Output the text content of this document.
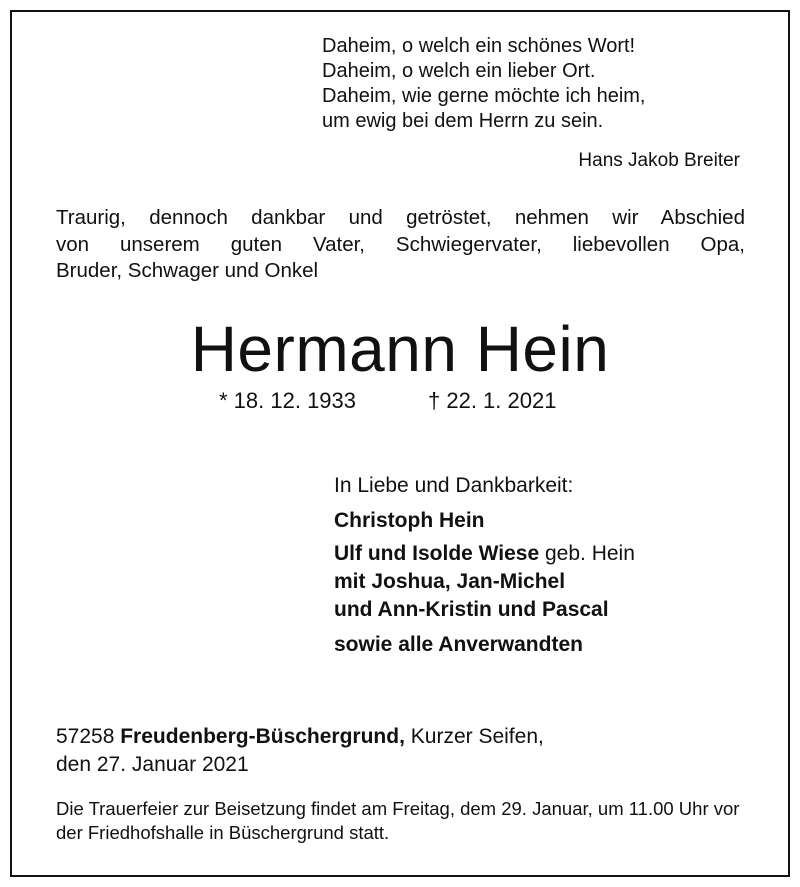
Daheim, o welch ein schönes Wort!
Daheim, o welch ein lieber Ort.
Daheim, wie gerne möchte ich heim,
um ewig bei dem Herrn zu sein.
Hans Jakob Breiter
Traurig, dennoch dankbar und getröstet, nehmen wir Abschied
von unserem guten Vater, Schwiegervater, liebevollen Opa,
Bruder, Schwager und Onkel
Hermann Hein
* 18. 12. 1933	† 22. 1. 2021
In Liebe und Dankbarkeit:
Christoph Hein
Ulf und Isolde Wiese geb. Hein
mit Joshua, Jan-Michel
und Ann-Kristin und Pascal
sowie alle Anverwandten
57258 Freudenberg-Büschergrund, Kurzer Seifen,
den 27. Januar 2021
Die Trauerfeier zur Beisetzung findet am Freitag, dem 29. Januar, um 11.00 Uhr vor der Friedhofshalle in Büschergrund statt.
